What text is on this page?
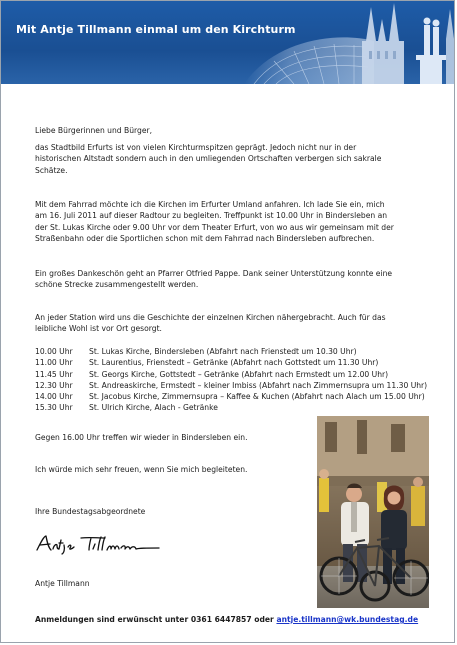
Mit Antje Tillmann einmal um den Kirchturm

Liebe Bürgerinnen und Bürger,

das Stadtbild Erfurts ist von vielen Kirchturmspitzen geprägt. Jedoch nicht nur in der
historischen Altstadt sondern auch in den umliegenden Ortschaften verbergen sich sakrale
Schätze.

Mit dem Fahrrad möchte ich die Kirchen im Erfurter Umland anfahren. Ich lade Sie ein, mich
am 16. Juli 2011 auf dieser Radtour zu begleiten. Treffpunkt ist 10.00 Uhr in Bindersleben an
der St. Lukas Kirche oder 9.00 Uhr vor dem Theater Erfurt, von wo aus wir gemeinsam mit der
Straßenbahn oder die Sportlichen schon mit dem Fahrrad nach Bindersleben aufbrechen.

Ein großes Dankeschön geht an Pfarrer Otfried Pappe. Dank seiner Unterstützung konnte eine
schöne Strecke zusammengestellt werden.

An jeder Station wird uns die Geschichte der einzelnen Kirchen nähergebracht. Auch für das
leibliche Wohl ist vor Ort gesorgt.

10.00 Uhr St. Lukas Kirche, Bindersleben (Abfahrt nach Frienstedt um 10.30 Uhr)
11.00 Uhr St. Laurentius, Frienstedt – Getränke (Abfahrt nach Gottstedt um 11.30 Uhr)
11.45 Uhr St. Georgs Kirche, Gottstedt – Getränke (Abfahrt nach Ermstedt um 12.00 Uhr)
12.30 Uhr St. Andreaskirche, Ermstedt – kleiner Imbiss (Abfahrt nach Zimmernsupra um 11.30 Uhr)
14.00 Uhr St. Jacobus Kirche, Zimmernsupra – Kaffee & Kuchen (Abfahrt nach Alach um 15.00 Uhr)
15.30 Uhr St. Ulrich Kirche, Alach - Getränke

Gegen 16.00 Uhr treffen wir wieder in Bindersleben ein.

Ich würde mich sehr freuen, wenn Sie mich begleiteten.

Ihre Bundestagsabgeordnete

Antje Tillmann

Anmeldungen sind erwünscht unter 0361 6447857 oder antje.tillmann@wk.bundestag.de
